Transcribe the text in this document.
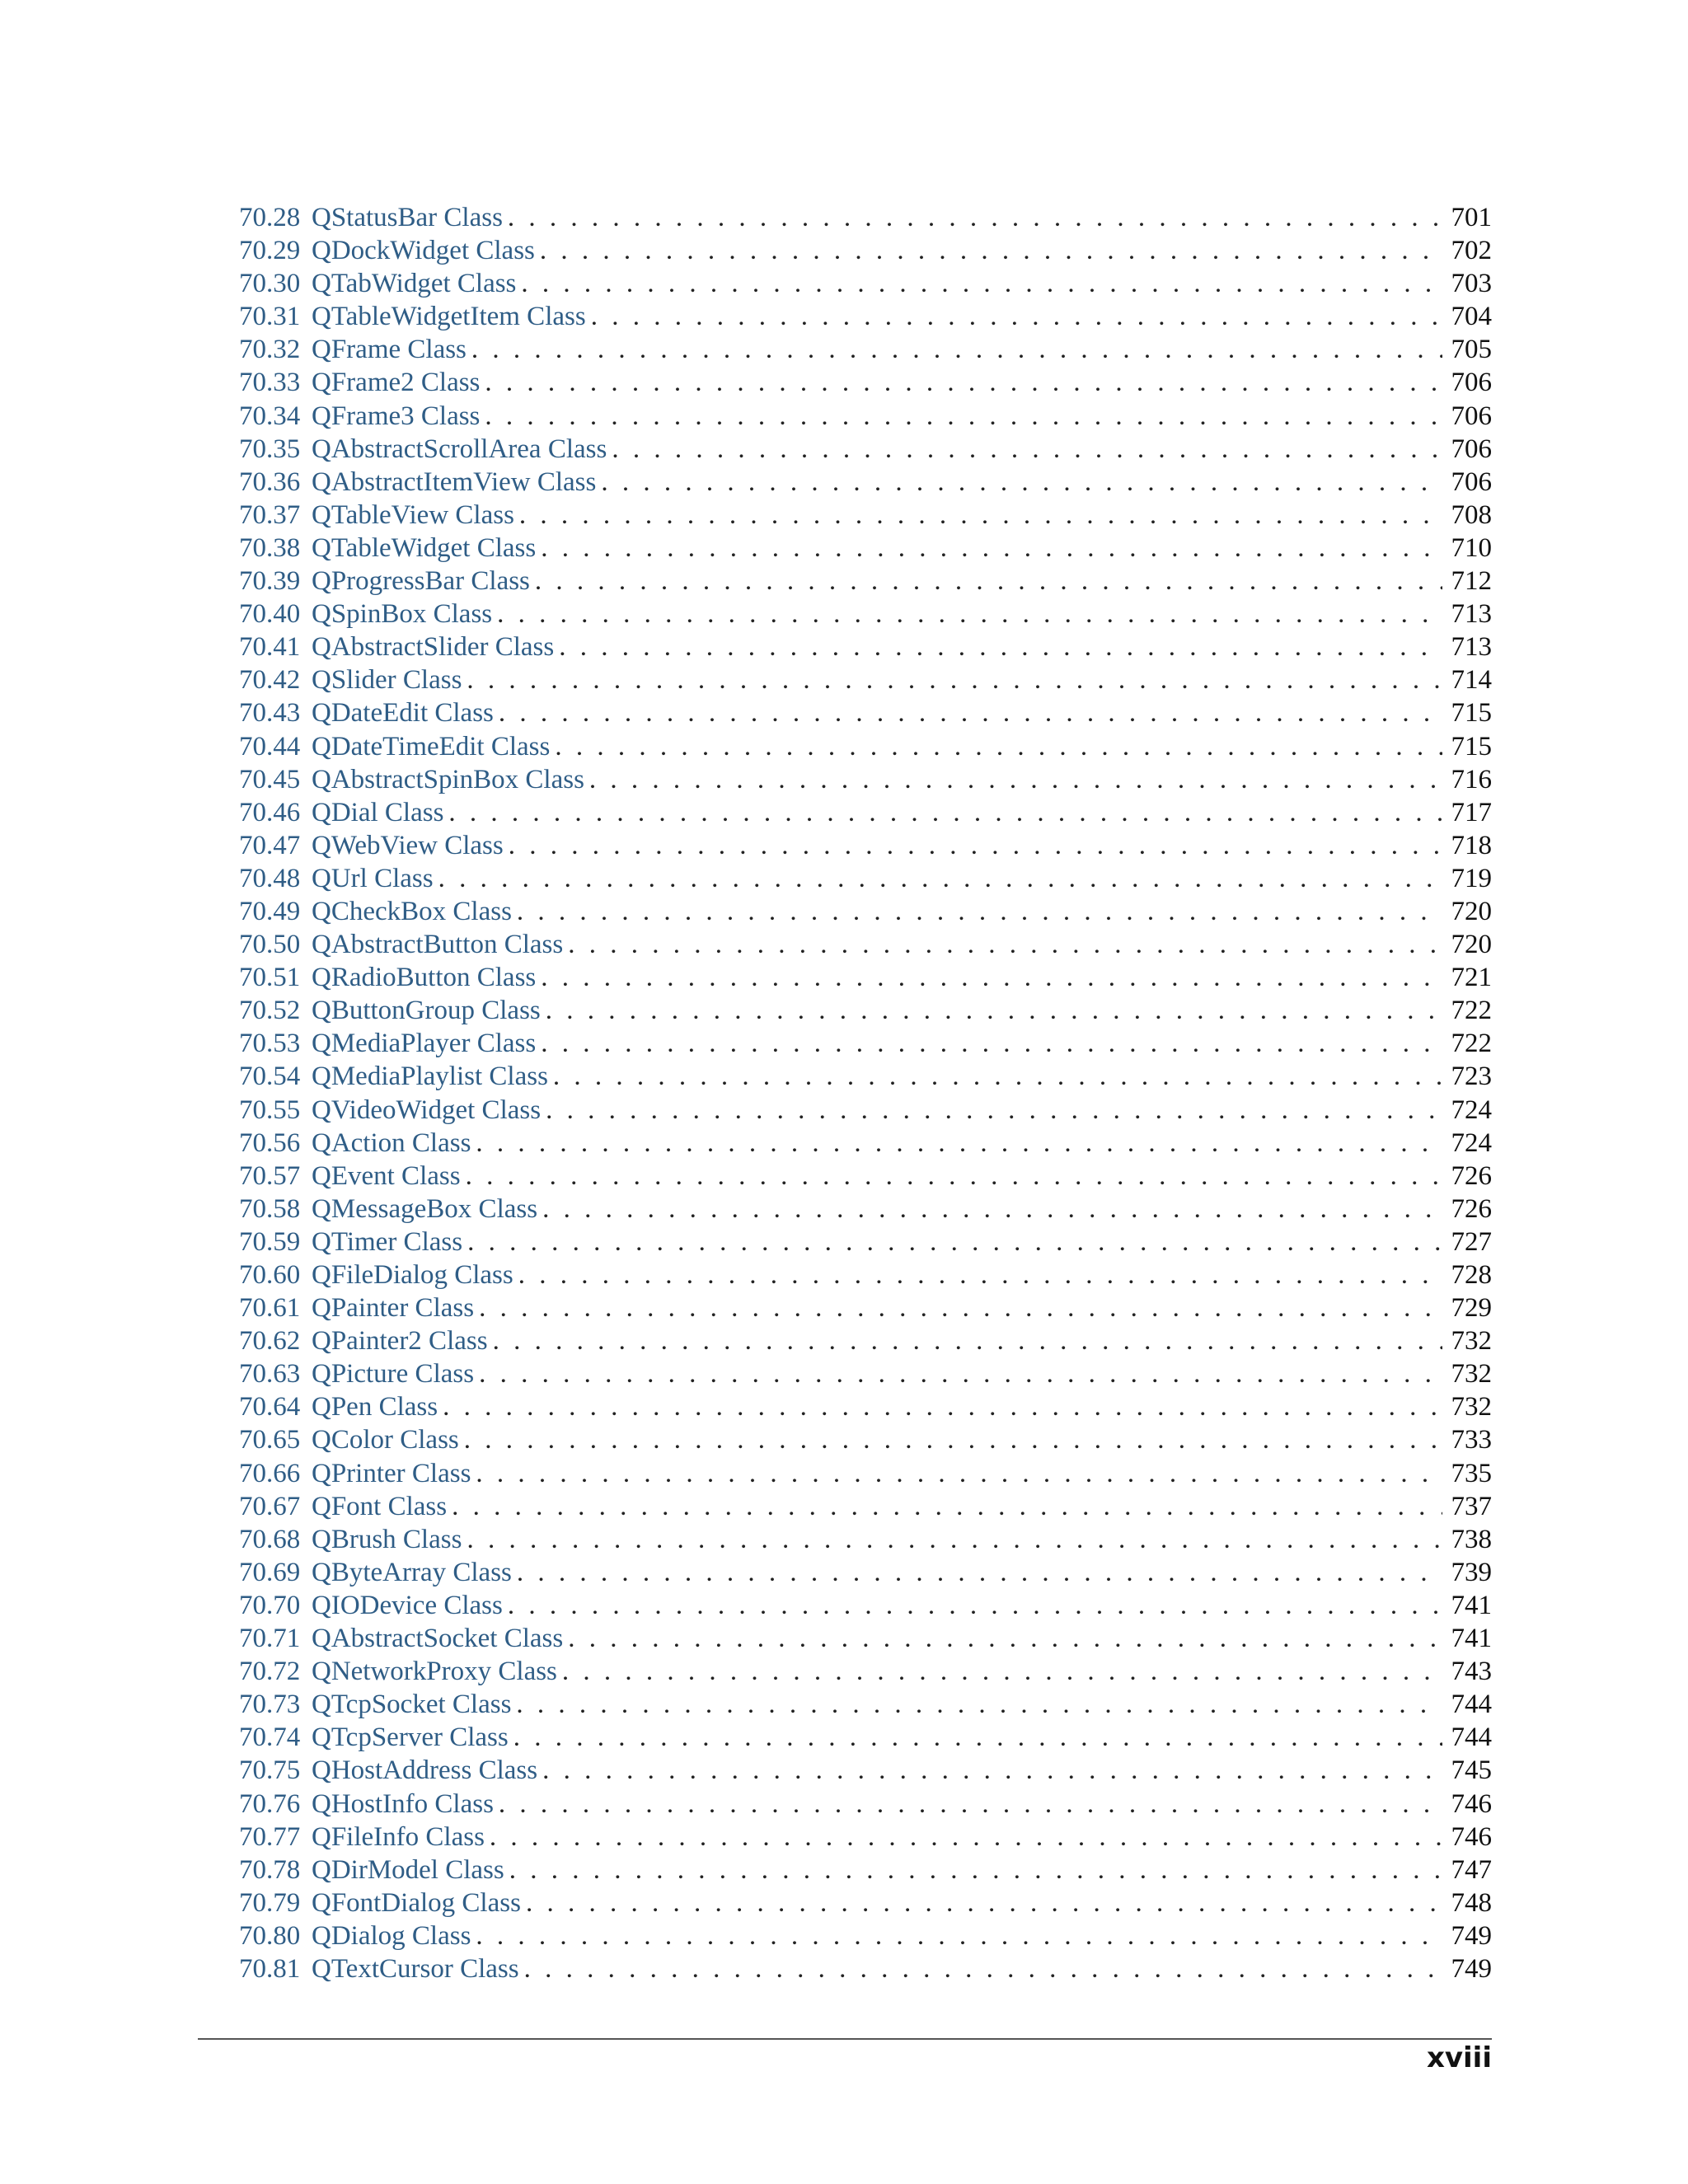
70.28 QStatusBar Class . . .	701
70.29 QDockWidget Class . . .	702
70.30 QTabWidget Class . . .	703
70.31 QTableWidgetItem Class . . .	704
70.32 QFrame Class . . .	705
70.33 QFrame2 Class . . .	706
70.34 QFrame3 Class . . .	706
70.35 QAbstractScrollArea Class . . .	706
70.36 QAbstractItemView Class . . .	706
70.37 QTableView Class . . .	708
70.38 QTableWidget Class . . .	710
70.39 QProgressBar Class . . .	712
70.40 QSpinBox Class . . .	713
70.41 QAbstractSlider Class . . .	713
70.42 QSlider Class . . .	714
70.43 QDateEdit Class . . .	715
70.44 QDateTimeEdit Class . . .	715
70.45 QAbstractSpinBox Class . . .	716
70.46 QDial Class . . .	717
70.47 QWebView Class . . .	718
70.48 QUrl Class . . .	719
70.49 QCheckBox Class . . .	720
70.50 QAbstractButton Class . . .	720
70.51 QRadioButton Class . . .	721
70.52 QButtonGroup Class . . .	722
70.53 QMediaPlayer Class . . .	722
70.54 QMediaPlaylist Class . . .	723
70.55 QVideoWidget Class . . .	724
70.56 QAction Class . . .	724
70.57 QEvent Class . . .	726
70.58 QMessageBox Class . . .	726
70.59 QTimer Class . . .	727
70.60 QFileDialog Class . . .	728
70.61 QPainter Class . . .	729
70.62 QPainter2 Class . . .	732
70.63 QPicture Class . . .	732
70.64 QPen Class . . .	732
70.65 QColor Class . . .	733
70.66 QPrinter Class . . .	735
70.67 QFont Class . . .	737
70.68 QBrush Class . . .	738
70.69 QByteArray Class . . .	739
70.70 QIODevice Class . . .	741
70.71 QAbstractSocket Class . . .	741
70.72 QNetworkProxy Class . . .	743
70.73 QTcpSocket Class . . .	744
70.74 QTcpServer Class . . .	744
70.75 QHostAddress Class . . .	745
70.76 QHostInfo Class . . .	746
70.77 QFileInfo Class . . .	746
70.78 QDirModel Class . . .	747
70.79 QFontDialog Class . . .	748
70.80 QDialog Class . . .	749
70.81 QTextCursor Class . . .	749
xviii
